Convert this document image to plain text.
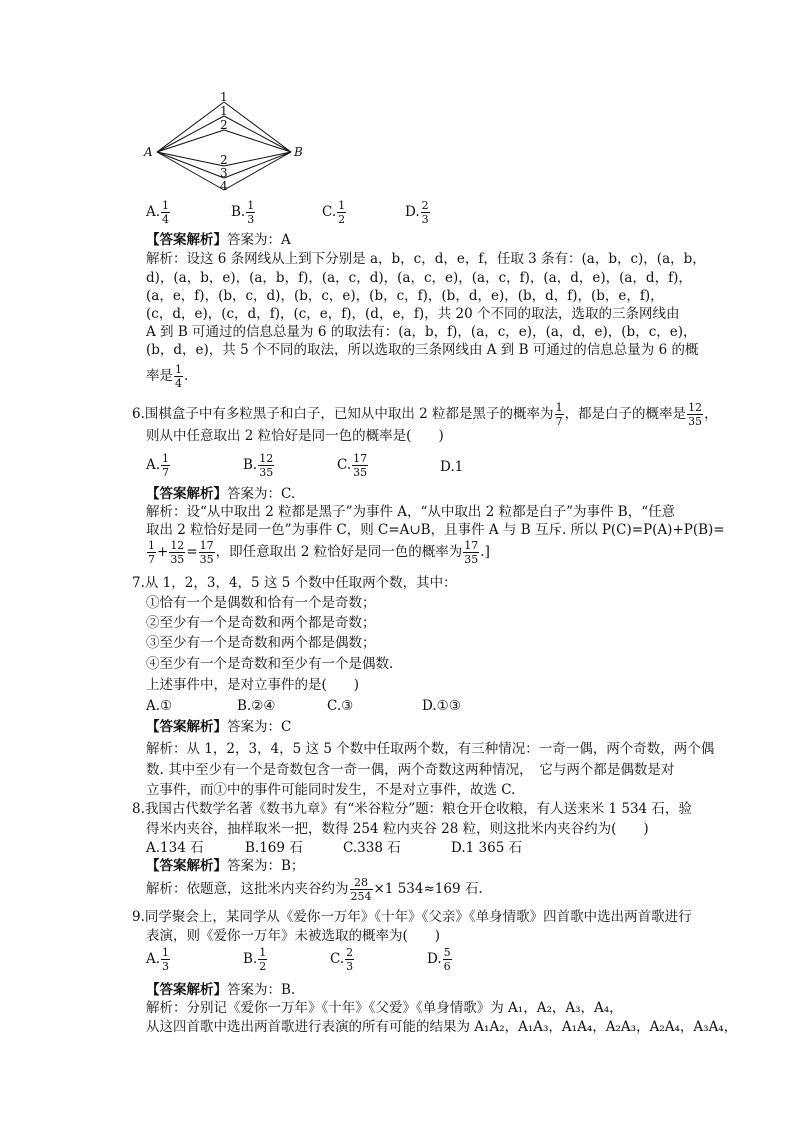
A	B
1
1
2
2
3
4
A. $\frac{1}{4}$	B. $\frac{1}{3}$	C. $\frac{1}{2}$	D. $\frac{2}{3}$
【答案解析】答案为：A
解析：设这 6 条网线从上到下分别是 a，b，c，d，e，f，任取 3 条有：(a，b，c)，(a，b，
d)，(a，b，e)，(a，b，f)，(a，c，d)，(a，c，e)，(a，c，f)，(a，d，e)，(a，d，f)，
(a，e，f)，(b，c，d)，(b，c，e)，(b，c，f)，(b，d，e)，(b，d，f)，(b，e，f)，
(c，d，e)，(c，d，f)，(c，e，f)，(d，e，f)，共 20 个不同的取法，选取的三条网线由
A 到 B 可通过的信息总量为 6 的取法有：(a，b，f)，(a，c，e)，(a，d，e)，(b，c，e)，
(b，d，e)，共 5 个不同的取法，所以选取的三条网线由 A 到 B 可通过的信息总量为 6 的概
率是 $\frac{1}{4}$ .
6.围棋盒子中有多粒黑子和白子，已知从中取出 2 粒都是黑子的概率为 $\frac{1}{7}$ ，都是白子的概率是 $\frac{12}{35}$ ，
则从中任意取出 2 粒恰好是同一色的概率是(　　)
A. $\frac{1}{7}$	B. $\frac{12}{35}$	C. $\frac{17}{35}$	D.1
【答案解析】答案为：C.
解析：设“从中取出 2 粒都是黑子”为事件 A，“从中取出 2 粒都是白子”为事件 B，“任意
取出 2 粒恰好是同一色”为事件 C，则 C=A∪B，且事件 A 与 B 互斥. 所以 P(C)=P(A)+P(B)=
$\frac{1}{7} + \frac{12}{35} = \frac{17}{35}$ ，即任意取出 2 粒恰好是同一色的概率为 $\frac{17}{35}$ .]
7.从 1，2，3，4，5 这 5 个数中任取两个数，其中：
①恰有一个是偶数和恰有一个是奇数；
②至少有一个是奇数和两个都是奇数；
③至少有一个是奇数和两个都是偶数；
④至少有一个是奇数和至少有一个是偶数.
上述事件中，是对立事件的是(　　)
A.①	B.②④	C.③	D.①③
【答案解析】答案为：C
解析：从 1，2，3，4，5 这 5 个数中任取两个数，有三种情况：一奇一偶，两个奇数，两个偶
数. 其中至少有一个是奇数包含一奇一偶，两个奇数这两种情况，　它与两个都是偶数是对
立事件，而①中的事件可能同时发生，不是对立事件，故选 C.
8.我国古代数学名著《数书九章》有“米谷粒分”题：粮仓开仓收粮，有人送来米 1 534 石，验
得米内夹谷，抽样取米一把，数得 254 粒内夹谷 28 粒，则这批米内夹谷约为(　　)
A.134 石	B.169 石	C.338 石	D.1 365 石
【答案解析】答案为：B；
解析：依题意，这批米内夹谷约为 $\frac{28}{254} \times 1$ 534≈169 石.
9.同学聚会上，某同学从《爱你一万年》《十年》《父亲》《单身情歌》四首歌中选出两首歌进行
表演，则《爱你一万年》未被选取的概率为(　　)
A. $\frac{1}{3}$	B. $\frac{1}{2}$	C. $\frac{2}{3}$	D. $\frac{5}{6}$
【答案解析】答案为：B.
解析：分别记《爱你一万年》《十年》《父爱》《单身情歌》为 A₁，A₂，A₃，A₄，
从这四首歌中选出两首歌进行表演的所有可能的结果为 A₁A₂，A₁A₃，A₁A₄，A₂A₃，A₂A₄，A₃A₄，
